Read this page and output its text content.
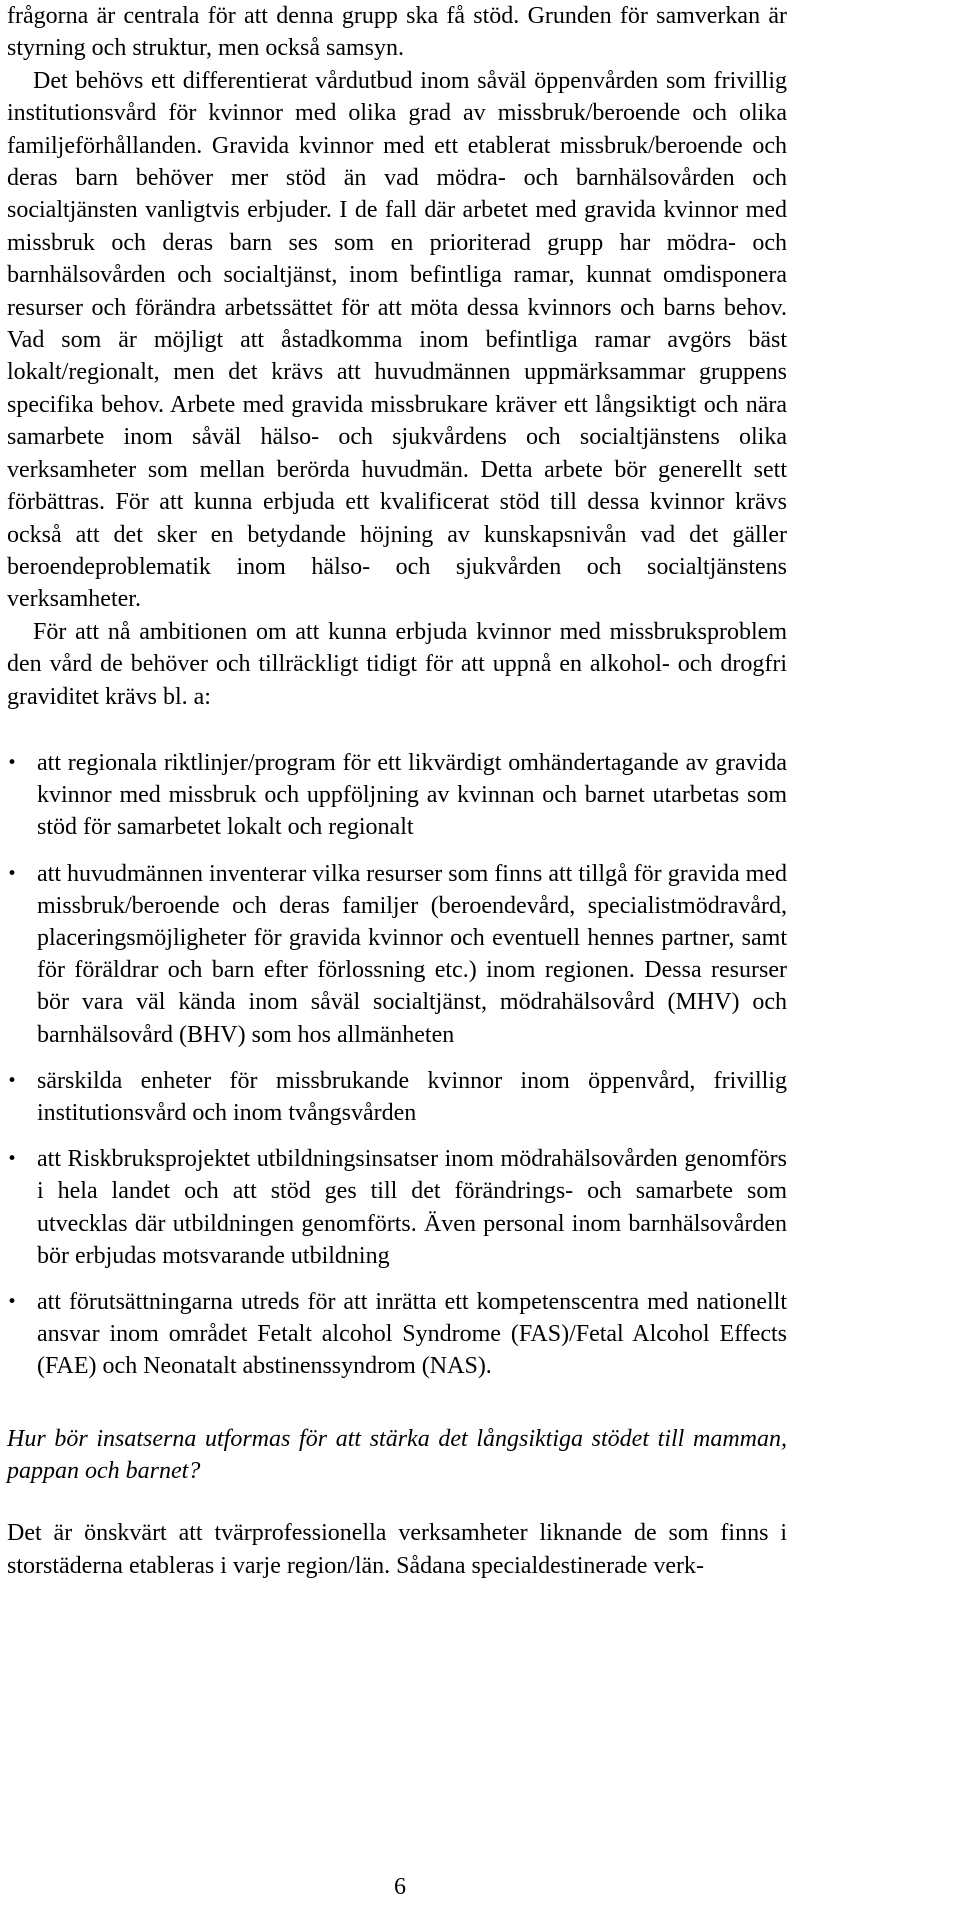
frågorna är centrala för att denna grupp ska få stöd. Grunden för samverkan är styrning och struktur, men också samsyn.

Det behövs ett differentierat vårdutbud inom såväl öppenvården som frivillig institutionsvård för kvinnor med olika grad av missbruk/beroende och olika familjeförhållanden. Gravida kvinnor med ett etablerat missbruk/beroende och deras barn behöver mer stöd än vad mödra- och barnhälsovården och socialtjänsten vanligtvis erbjuder. I de fall där arbetet med gravida kvinnor med missbruk och deras barn ses som en prioriterad grupp har mödra- och barnhälsovården och socialtjänst, inom befintliga ramar, kunnat omdisponera resurser och förändra arbetssättet för att möta dessa kvinnors och barns behov. Vad som är möjligt att åstadkomma inom befintliga ramar avgörs bäst lokalt/regionalt, men det krävs att huvudmännen uppmärksammar gruppens specifika behov. Arbete med gravida missbrukare kräver ett långsiktigt och nära samarbete inom såväl hälso- och sjukvårdens och socialtjänstens olika verksamheter som mellan berörda huvudmän. Detta arbete bör generellt sett förbättras. För att kunna erbjuda ett kvalificerat stöd till dessa kvinnor krävs också att det sker en betydande höjning av kunskapsnivån vad det gäller beroendeproblematik inom hälso- och sjukvården och socialtjänstens verksamheter.

För att nå ambitionen om att kunna erbjuda kvinnor med missbruksproblem den vård de behöver och tillräckligt tidigt för att uppnå en alkohol- och drogfri graviditet krävs bl. a:

• att regionala riktlinjer/program för ett likvärdigt omhändertagande av gravida kvinnor med missbruk och uppföljning av kvinnan och barnet utarbetas som stöd för samarbetet lokalt och regionalt
• att huvudmännen inventerar vilka resurser som finns att tillgå för gravida med missbruk/beroende och deras familjer (beroendevård, specialistmödravård, placeringsmöjligheter för gravida kvinnor och eventuell hennes partner, samt för föräldrar och barn efter förlossning etc.) inom regionen. Dessa resurser bör vara väl kända inom såväl socialtjänst, mödrahälsovård (MHV) och barnhälsovård (BHV) som hos allmänheten
• särskilda enheter för missbrukande kvinnor inom öppenvård, frivillig institutionsvård och inom tvångsvården
• att Riskbruksprojektet utbildningsinsatser inom mödrahälsovården genomförs i hela landet och att stöd ges till det förändrings- och samarbete som utvecklas där utbildningen genomförts. Även personal inom barnhälsovården bör erbjudas motsvarande utbildning
• att förutsättningarna utreds för att inrätta ett kompetenscentra med nationellt ansvar inom området Fetalt alcohol Syndrome (FAS)/Fetal Alcohol Effects (FAE) och Neonatalt abstinenssyndrom (NAS).

Hur bör insatserna utformas för att stärka det långsiktiga stödet till mamman, pappan och barnet?

Det är önskvärt att tvärprofessionella verksamheter liknande de som finns i storstäderna etableras i varje region/län. Sådana specialdestinerade verk-

6
